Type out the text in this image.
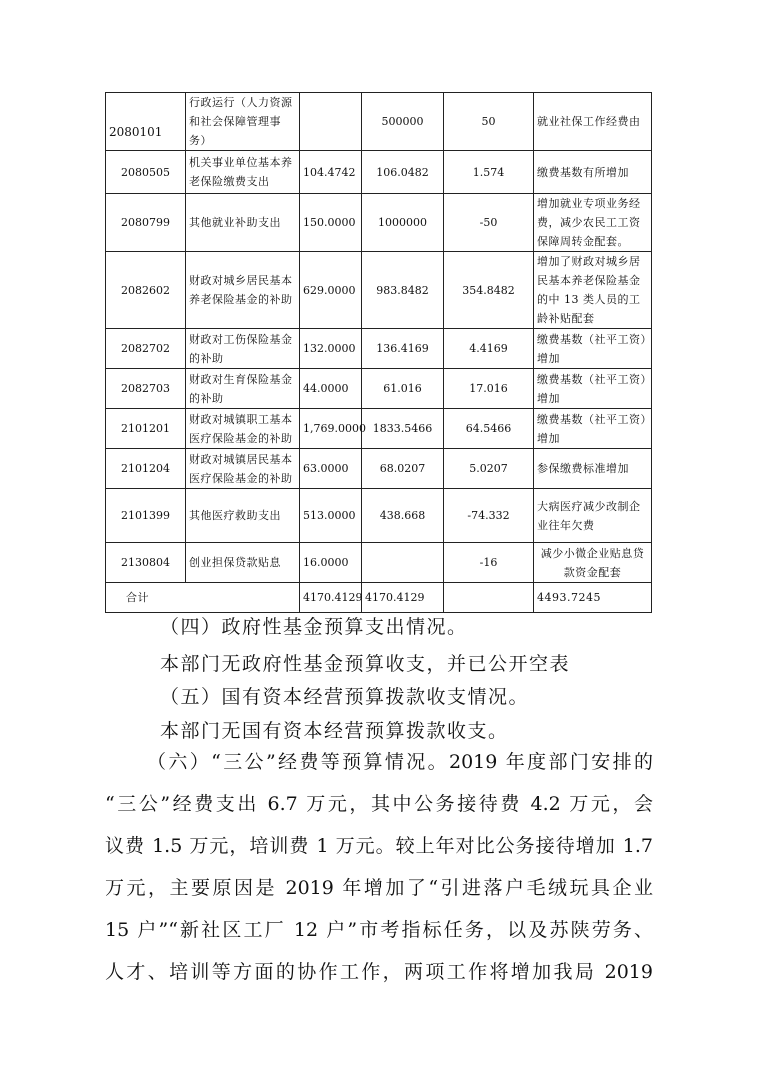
2080101	行政运行（人力资源和社会保障管理事务）		500000	50	就业社保工作经费由
2080505	机关事业单位基本养老保险缴费支出	104.4742	106.0482	1.574	缴费基数有所增加
2080799	其他就业补助支出	150.0000	1000000	-50	增加就业专项业务经费，减少农民工工资保障周转金配套。
2082602	财政对城乡居民基本养老保险基金的补助	629.0000	983.8482	354.8482	增加了财政对城乡居民基本养老保险基金的中 13 类人员的工龄补贴配套
2082702	财政对工伤保险基金的补助	132.0000	136.4169	4.4169	缴费基数（社平工资）增加
2082703	财政对生育保险基金的补助	44.0000	61.016	17.016	缴费基数（社平工资）增加
2101201	财政对城镇职工基本医疗保险基金的补助	1,769.0000	1833.5466	64.5466	缴费基数（社平工资）增加
2101204	财政对城镇居民基本医疗保险基金的补助	63.0000	68.0207	5.0207	参保缴费标准增加
2101399	其他医疗救助支出	513.0000	438.668	-74.332	大病医疗减少改制企业往年欠费
2130804	创业担保贷款贴息	16.0000		-16	减少小微企业贴息贷款资金配套
合计		4170.4129	4170.4129		4493.7245
（四）政府性基金预算支出情况。
本部门无政府性基金预算收支，并已公开空表
（五）国有资本经营预算拨款收支情况。
本部门无国有资本经营预算拨款收支。
（六）“三公”经费等预算情况。2019 年度部门安排的
“三公”经费支出 6.7 万元，其中公务接待费 4.2 万元，会
议费 1.5 万元，培训费 1 万元。较上年对比公务接待增加 1.7
万元，主要原因是 2019 年增加了“引进落户毛绒玩具企业
15 户”“新社区工厂 12 户”市考指标任务，以及苏陕劳务、
人才、培训等方面的协作工作，两项工作将增加我局 2019
